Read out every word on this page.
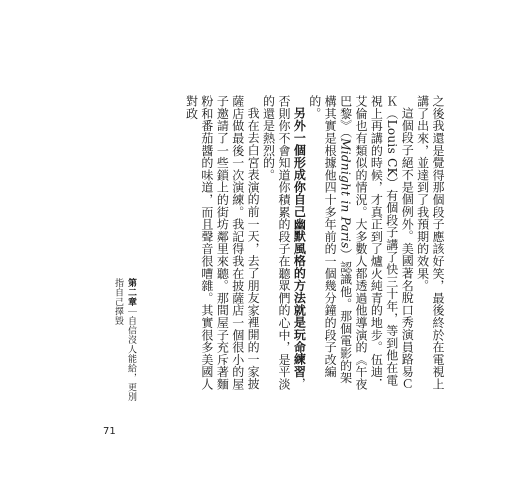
之後我還是覺得那個段子應該好笑，最後終於在電視上講了出來，並達到了我預期的效果。

這個段子絕不是個例外。美國著名脫口秀演員路易ＣＫ（Louis CK）有個段子講了快三十年，等到他在電視上再講的時候，才真正到了爐火純青的地步。伍迪．艾倫也有類似的情況。大多數人都透過他導演的《午夜巴黎》（Midnight in Paris）認識他。那個電影的架構其實是根據他四十多年前的一個幾分鐘的段子改編的。

另外一個形成你自己幽默風格的方法就是玩命練習，否則你不會知道你積累的段子在聽眾們的心中，是平淡的還是熱烈的。

我在去白宮表演的前一天，去了朋友家裡開的一家披薩店做最後一次演練。我記得我在披薩店一個很小的屋子邀請了一些鎖上的街坊鄰里來聽。那間屋子充斥著麵粉和番茄醬的味道，而且聲音很嘈雜。其實很多美國人對政

第二章｜自信沒人能給，更別指自己擇毀
71
